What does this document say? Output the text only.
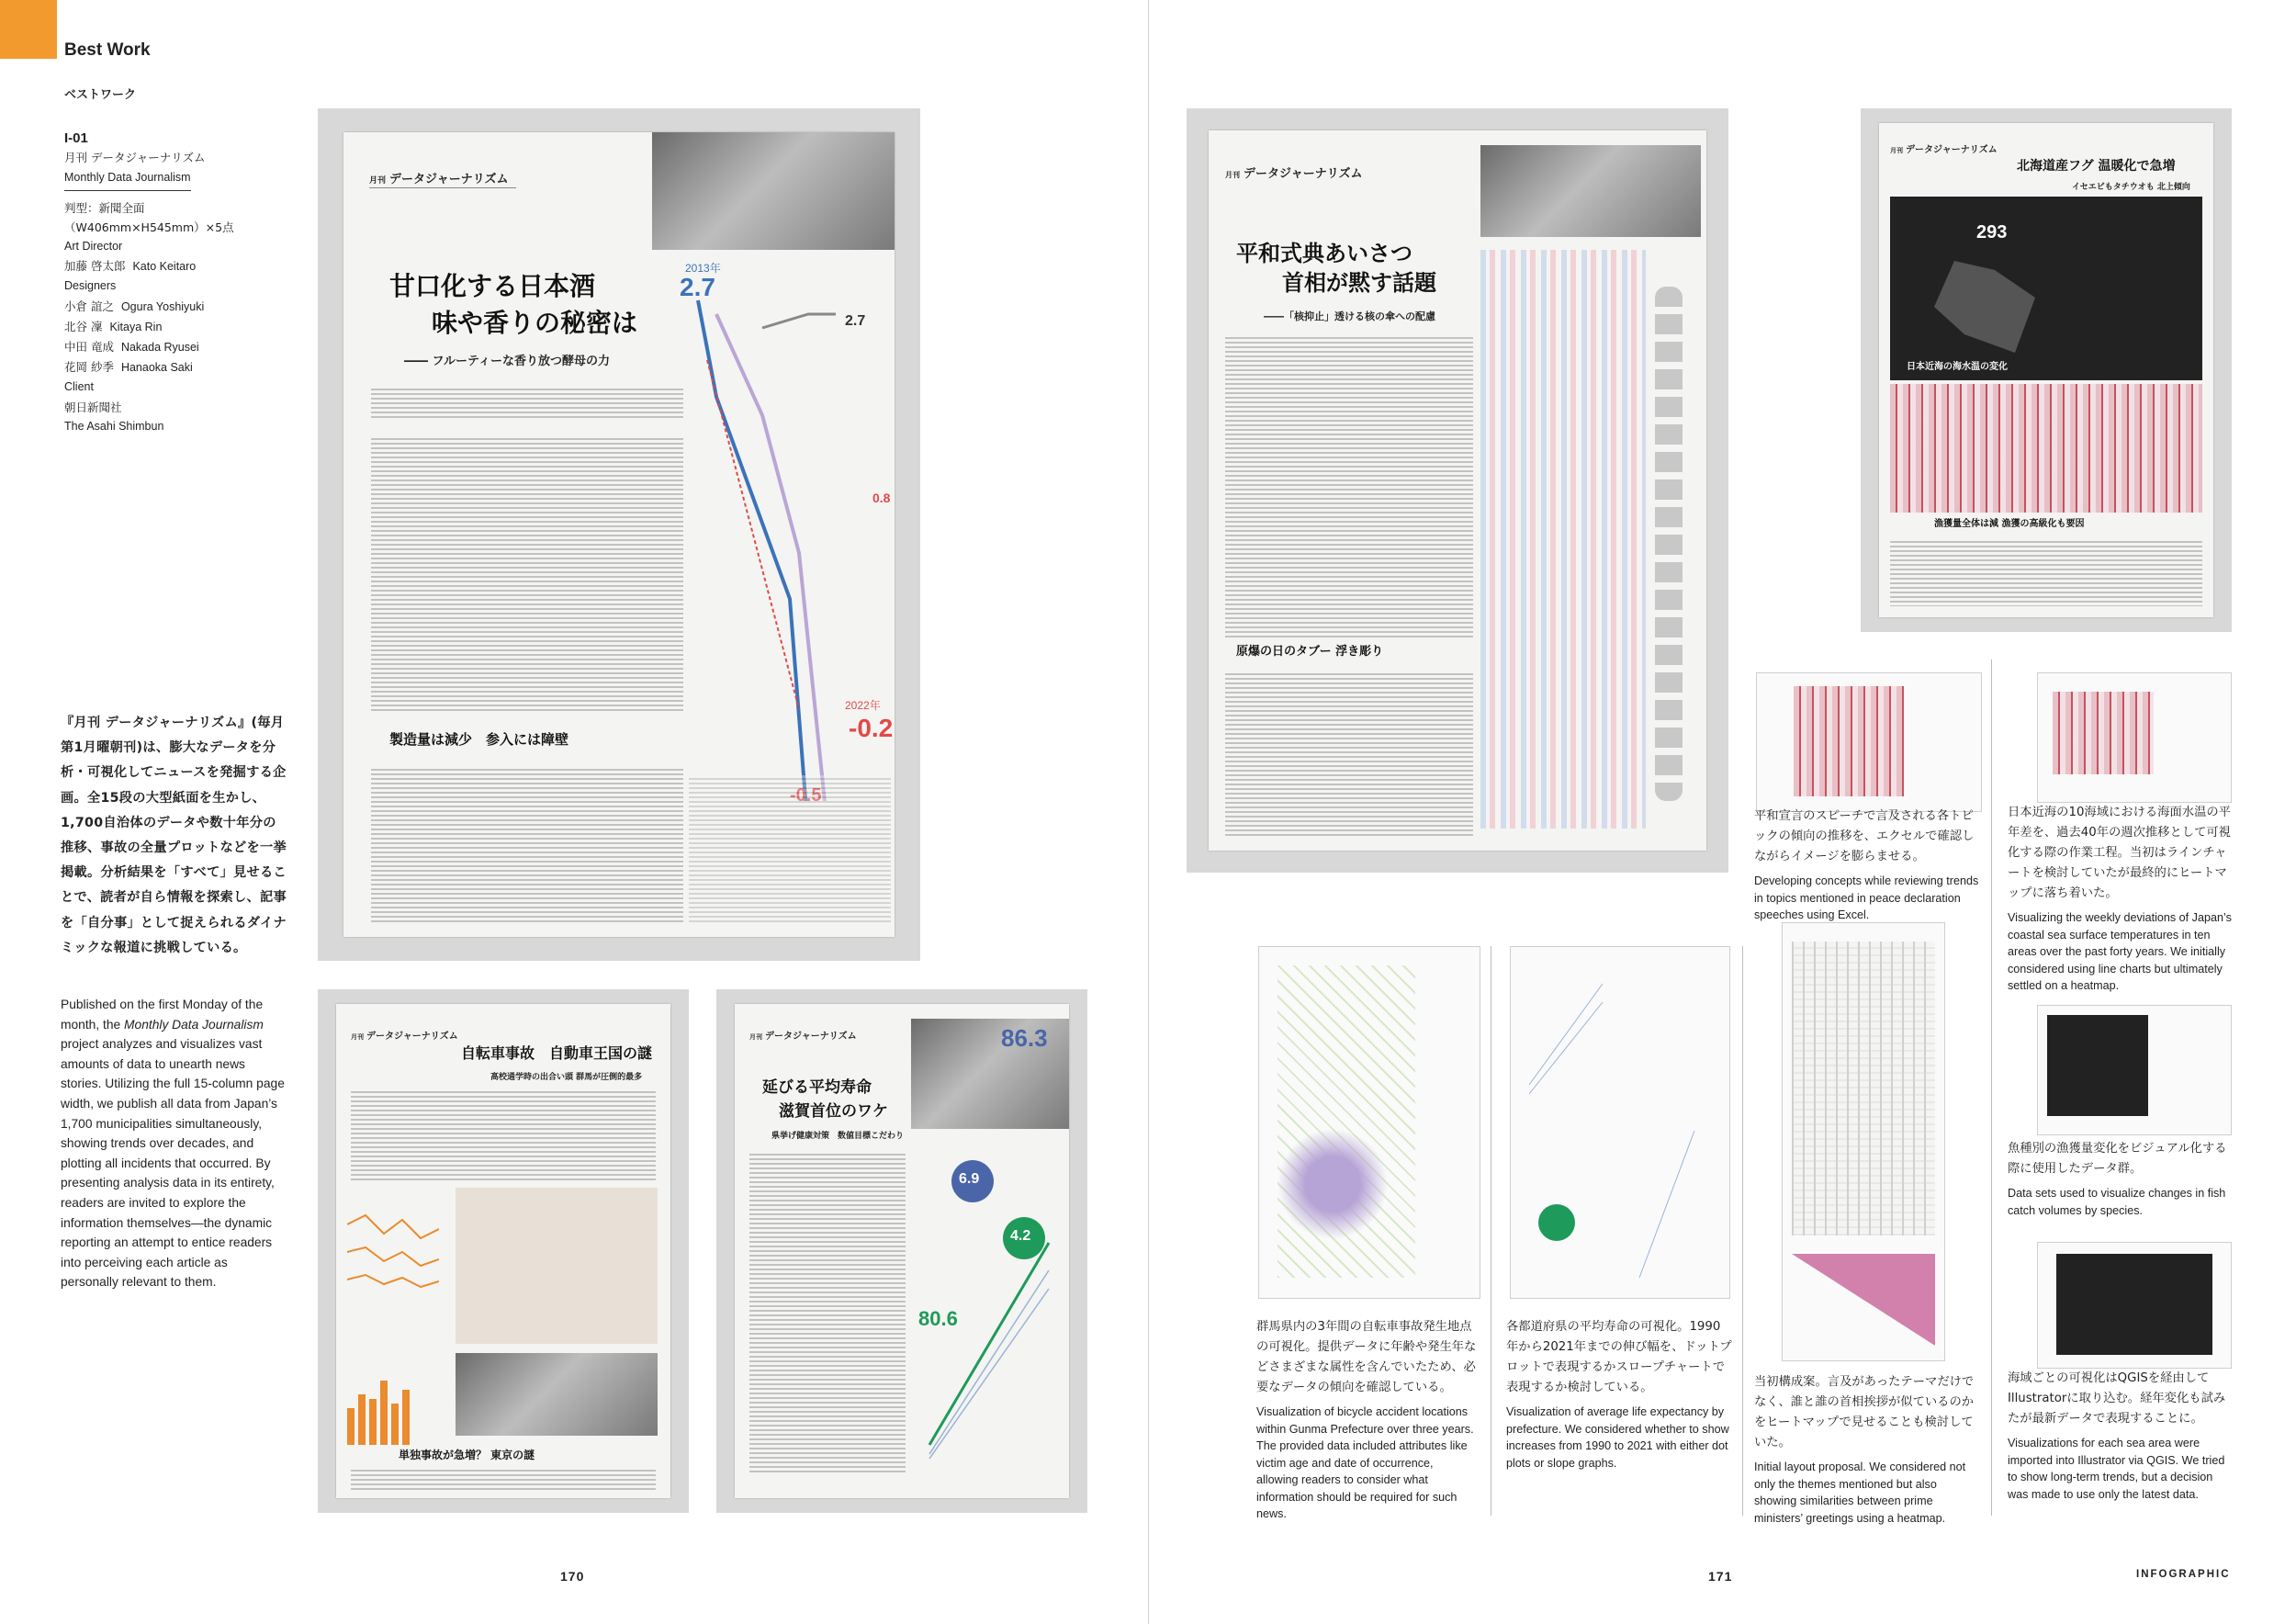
Best Work
ベストワーク
I-01
月刊 データジャーナリズム
Monthly Data Journalism
判型：新聞全面
（W406mm×H545mm）×5点
Art Director
加藤 啓太郎 Kato Keitaro
Designers
小倉 誼之 Ogura Yoshiyuki
北谷 凜 Kitaya Rin
中田 竜成 Nakada Ryusei
花岡 紗季 Hanaoka Saki
Client
朝日新聞社
The Asahi Shimbun
『月刊 データジャーナリズム』(毎月第1月曜朝刊)は、膨大なデータを分析・可視化してニュースを発掘する企画。全15段の大型紙面を生かし、1,700自治体のデータや数十年分の推移、事故の全量プロットなどを一挙掲載。分析結果を「すべて」見せることで、読者が自ら情報を探索し、記事を「自分事」として捉えられるダイナミックな報道に挑戦している。
Published on the first Monday of the month, the Monthly Data Journalism project analyzes and visualizes vast amounts of data to unearth news stories. Utilizing the full 15-column page width, we publish all data from Japan’s 1,700 municipalities simultaneously, showing trends over decades, and plotting all incidents that occurred. By presenting analysis data in its entirety, readers are invited to explore the information themselves—the dynamic reporting an attempt to entice readers into perceiving each article as personally relevant to them.
月刊 データジャーナリズム
甘口化する日本酒
味や香りの秘密は
―― フルーティーな香り放つ酵母の力
製造量は減少　参入には障壁
2013年
2.7
2.7
0.8
2022年
-0.2
-0.5
月刊 データジャーナリズム
自転車事故　自動車王国の謎
高校通学時の出合い頭 群馬が圧倒的最多
単独事故が急増？ 東京の謎
月刊 データジャーナリズム
延びる平均寿命
滋賀首位のワケ
県挙げ健康対策　数値目標こだわり
86.3
6.9
4.2
80.6
170
月刊 データジャーナリズム
平和式典あいさつ
首相が黙す話題
――「核抑止」透ける核の傘への配慮
原爆の日のタブー 浮き彫り
月刊 データジャーナリズム
北海道産フグ 温暖化で急増
イセエビもタチウオも 北上傾向
293
日本近海の海水温の変化
漁獲量全体は減 漁獲の高級化も要因
平和宣言のスピーチで言及される各トピックの傾向の推移を、エクセルで確認しながらイメージを膨らませる。
Developing concepts while reviewing trends in topics mentioned in peace declaration speeches using Excel.
日本近海の10海域における海面水温の平年差を、過去40年の週次推移として可視化する際の作業工程。当初はラインチャートを検討していたが最終的にヒートマップに落ち着いた。
Visualizing the weekly deviations of Japan’s coastal sea surface temperatures in ten areas over the past forty years. We initially considered using line charts but ultimately settled on a heatmap.
魚種別の漁獲量変化をビジュアル化する際に使用したデータ群。
Data sets used to visualize changes in fish catch volumes by species.
海域ごとの可視化はQGISを経由してIllustratorに取り込む。経年変化も試みたが最新データで表現することに。
Visualizations for each sea area were imported into Illustrator via QGIS. We tried to show long-term trends, but a decision was made to use only the latest data.
群馬県内の3年間の自転車事故発生地点の可視化。提供データに年齢や発生年などさまざまな属性を含んでいたため、必要なデータの傾向を確認している。
Visualization of bicycle accident locations within Gunma Prefecture over three years. The provided data included attributes like victim age and date of occurrence, allowing readers to consider what information should be required for such news.
各都道府県の平均寿命の可視化。1990年から2021年までの伸び幅を、ドットプロットで表現するかスロープチャートで表現するか検討している。
Visualization of average life expectancy by prefecture. We considered whether to show increases from 1990 to 2021 with either dot plots or slope graphs.
当初構成案。言及があったテーマだけでなく、誰と誰の首相挨拶が似ているのかをヒートマップで見せることも検討していた。
Initial layout proposal. We considered not only the themes mentioned but also showing similarities between prime ministers’ greetings using a heatmap.
171	INFOGRAPHIC
